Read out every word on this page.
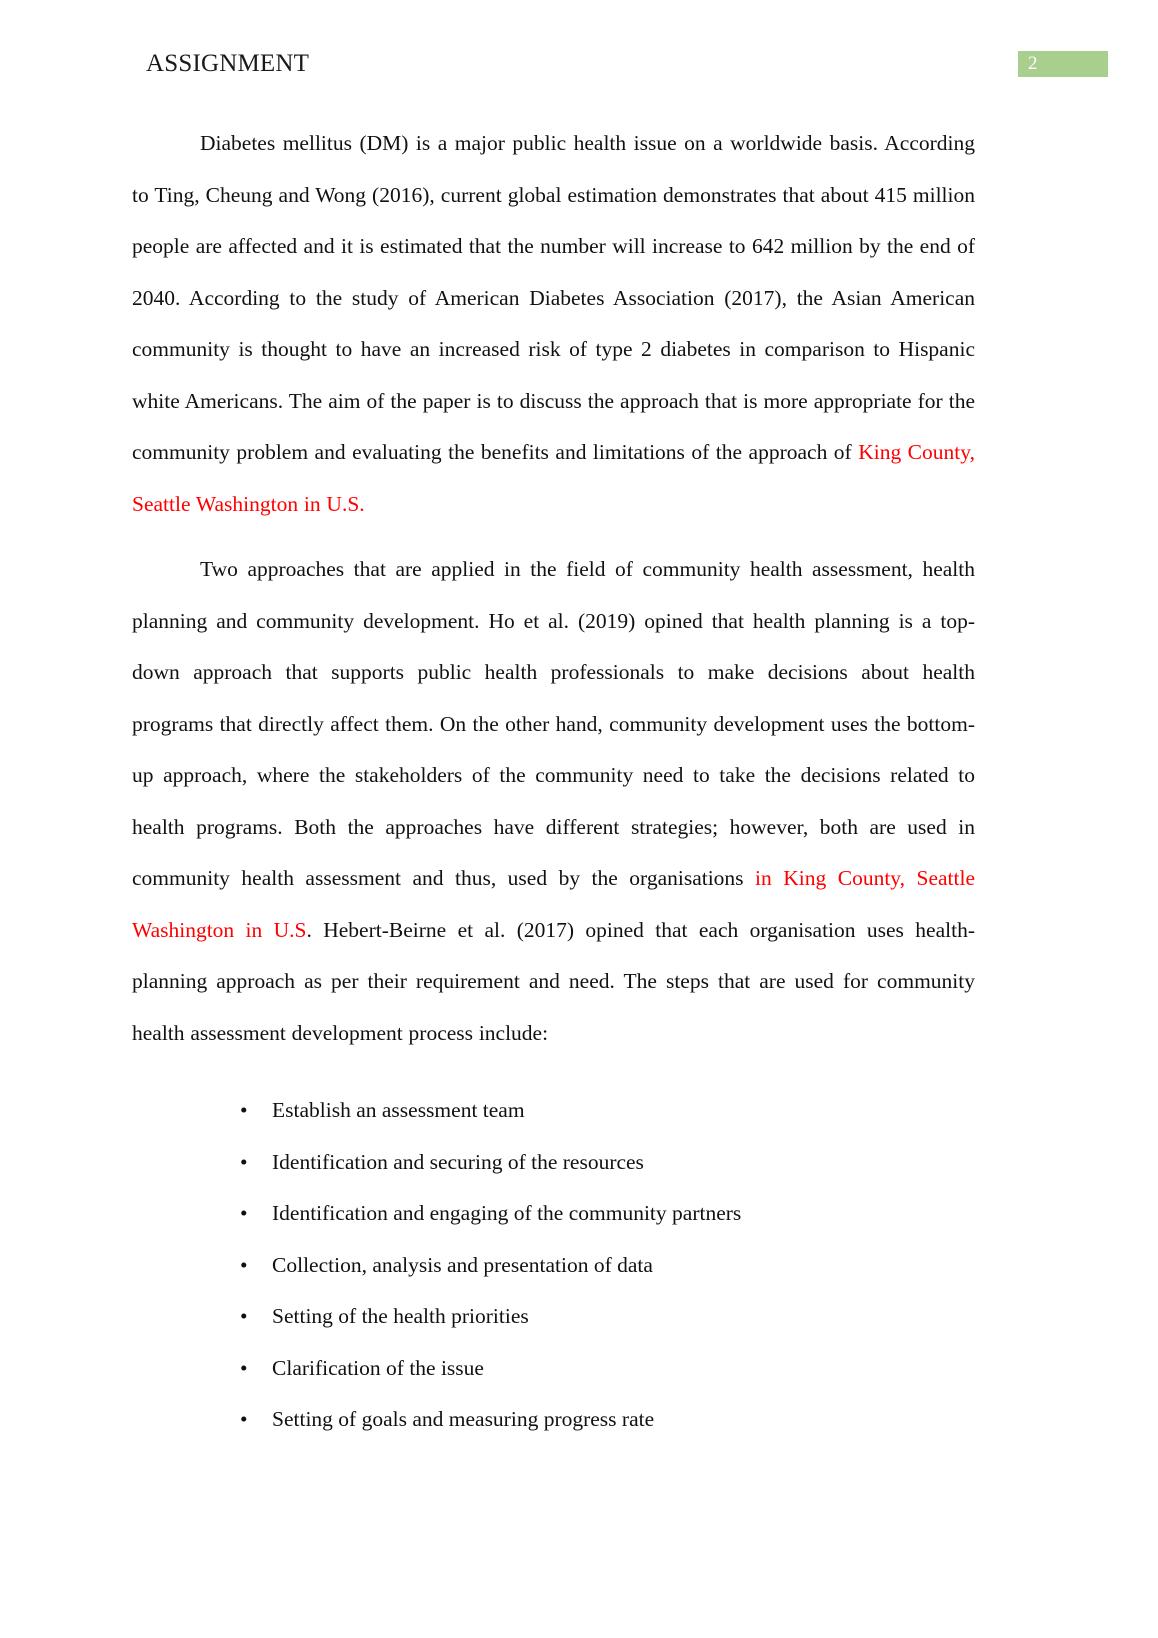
ASSIGNMENT	2

Diabetes mellitus (DM) is a major public health issue on a worldwide basis. According to Ting, Cheung and Wong (2016), current global estimation demonstrates that about 415 million people are affected and it is estimated that the number will increase to 642 million by the end of 2040. According to the study of American Diabetes Association (2017), the Asian American community is thought to have an increased risk of type 2 diabetes in comparison to Hispanic white Americans. The aim of the paper is to discuss the approach that is more appropriate for the community problem and evaluating the benefits and limitations of the approach of King County, Seattle Washington in U.S.

Two approaches that are applied in the field of community health assessment, health planning and community development. Ho et al. (2019) opined that health planning is a top-down approach that supports public health professionals to make decisions about health programs that directly affect them. On the other hand, community development uses the bottom-up approach, where the stakeholders of the community need to take the decisions related to health programs. Both the approaches have different strategies; however, both are used in community health assessment and thus, used by the organisations in King County, Seattle Washington in U.S. Hebert-Beirne et al. (2017) opined that each organisation uses health-planning approach as per their requirement and need. The steps that are used for community health assessment development process include:

• Establish an assessment team
• Identification and securing of the resources
• Identification and engaging of the community partners
• Collection, analysis and presentation of data
• Setting of the health priorities
• Clarification of the issue
• Setting of goals and measuring progress rate
